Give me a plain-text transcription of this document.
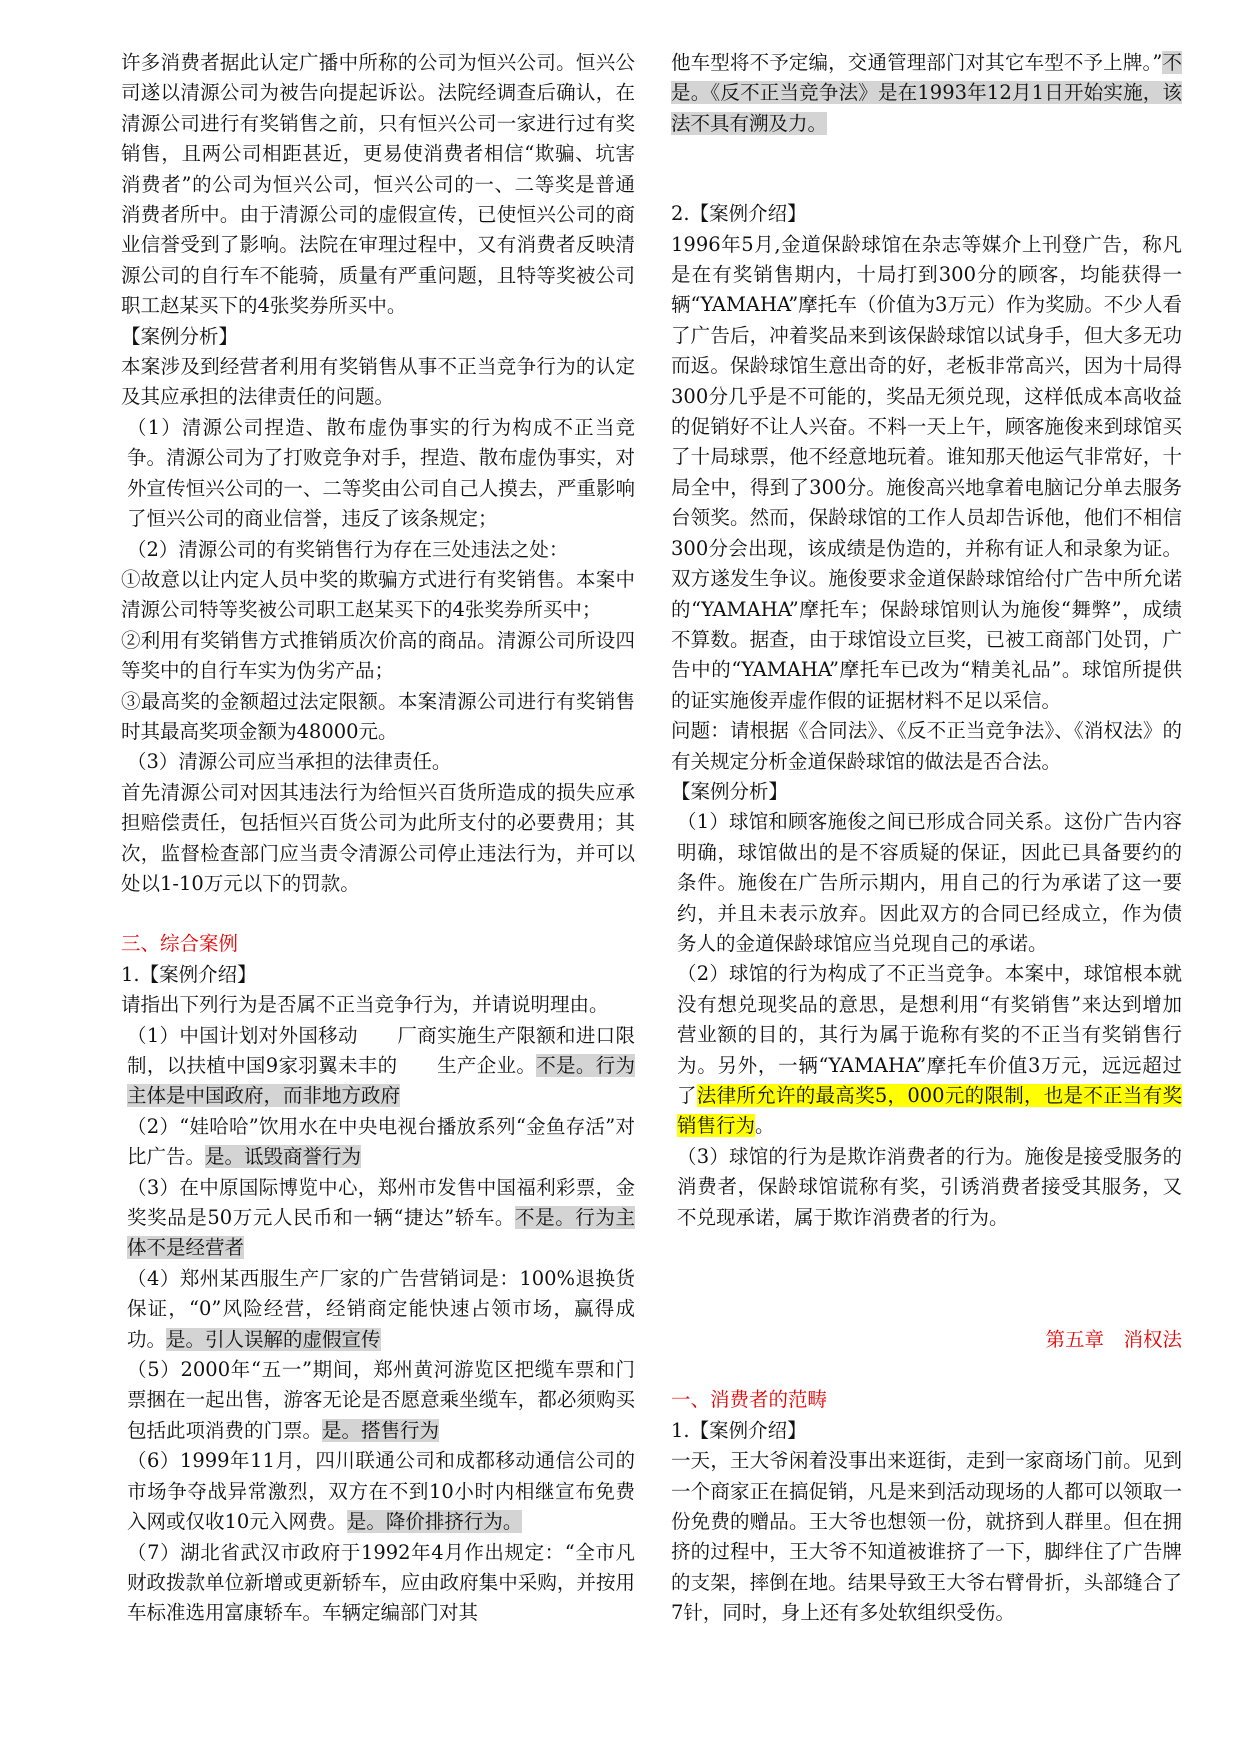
许多消费者据此认定广播中所称的公司为恒兴公司。恒兴公司遂以清源公司为被告向提起诉讼。法院经调查后确认，在清源公司进行有奖销售之前，只有恒兴公司一家进行过有奖销售，且两公司相距甚近，更易使消费者相信“欺骗、坑害消费者”的公司为恒兴公司，恒兴公司的一、二等奖是普通消费者所中。由于清源公司的虚假宣传，已使恒兴公司的商业信誉受到了影响。法院在审理过程中，又有消费者反映清源公司的自行车不能骑，质量有严重问题，且特等奖被公司职工赵某买下的4张奖券所买中。

【案例分析】

本案涉及到经营者利用有奖销售从事不正当竞争行为的认定及其应承担的法律责任的问题。

（1）清源公司捏造、散布虚伪事实的行为构成不正当竞争。清源公司为了打败竞争对手，捏造、散布虚伪事实，对外宣传恒兴公司的一、二等奖由公司自己人摸去，严重影响了恒兴公司的商业信誉，违反了该条规定；

（2）清源公司的有奖销售行为存在三处违法之处：

①故意以让内定人员中奖的欺骗方式进行有奖销售。本案中清源公司特等奖被公司职工赵某买下的4张奖券所买中；

②利用有奖销售方式推销质次价高的商品。清源公司所设四等奖中的自行车实为伪劣产品；

③最高奖的金额超过法定限额。本案清源公司进行有奖销售时其最高奖项金额为48000元。

（3）清源公司应当承担的法律责任。

首先清源公司对因其违法行为给恒兴百货所造成的损失应承担赔偿责任，包括恒兴百货公司为此所支付的必要费用；其次，监督检查部门应当责令清源公司停止违法行为，并可以处以1-10万元以下的罚款。

三、综合案例

1.【案例介绍】

请指出下列行为是否属不正当竞争行为，并请说明理由。

（1）中国计划对外国移动　　厂商实施生产限额和进口限制，以扶植中国9家羽翼未丰的　　生产企业。不是。行为主体是中国政府，而非地方政府

（2）“娃哈哈”饮用水在中央电视台播放系列“金鱼存活”对比广告。是。诋毁商誉行为

（3）在中原国际博览中心，郑州市发售中国福利彩票，金奖奖品是50万元人民币和一辆“捷达”轿车。不是。行为主体不是经营者

（4）郑州某西服生产厂家的广告营销词是：100%退换货保证，“0”风险经营，经销商定能快速占领市场，赢得成功。是。引人误解的虚假宣传

（5）2000年“五一”期间，郑州黄河游览区把缆车票和门票捆在一起出售，游客无论是否愿意乘坐缆车，都必须购买包括此项消费的门票。是。搭售行为

（6）1999年11月，四川联通公司和成都移动通信公司的市场争夺战异常激烈，双方在不到10小时内相继宣布免费入网或仅收10元入网费。是。降价排挤行为。

（7）湖北省武汉市政府于1992年4月作出规定：“全市凡财政拨款单位新增或更新轿车，应由政府集中采购，并按用车标准选用富康轿车。车辆定编部门对其

他车型将不予定编，交通管理部门对其它车型不予上牌。”不是。《反不正当竞争法》是在1993年12月1日开始实施，该法不具有溯及力。

2.【案例介绍】

1996年5月,金道保龄球馆在杂志等媒介上刊登广告，称凡是在有奖销售期内，十局打到300分的顾客，均能获得一辆“YAMAHA”摩托车（价值为3万元）作为奖励。不少人看了广告后，冲着奖品来到该保龄球馆以试身手，但大多无功而返。保龄球馆生意出奇的好，老板非常高兴，因为十局得300分几乎是不可能的，奖品无须兑现，这样低成本高收益的促销好不让人兴奋。不料一天上午，顾客施俊来到球馆买了十局球票，他不经意地玩着。谁知那天他运气非常好，十局全中，得到了300分。施俊高兴地拿着电脑记分单去服务台领奖。然而，保龄球馆的工作人员却告诉他，他们不相信300分会出现，该成绩是伪造的，并称有证人和录象为证。双方遂发生争议。施俊要求金道保龄球馆给付广告中所允诺的“YAMAHA”摩托车；保龄球馆则认为施俊“舞弊”，成绩不算数。据查，由于球馆设立巨奖，已被工商部门处罚，广告中的“YAMAHA”摩托车已改为“精美礼品”。球馆所提供的证实施俊弄虚作假的证据材料不足以采信。

问题：请根据《合同法》、《反不正当竞争法》、《消权法》的有关规定分析金道保龄球馆的做法是否合法。

【案例分析】

（1）球馆和顾客施俊之间已形成合同关系。这份广告内容明确，球馆做出的是不容质疑的保证，因此已具备要约的条件。施俊在广告所示期内，用自己的行为承诺了这一要约，并且未表示放弃。因此双方的合同已经成立，作为债务人的金道保龄球馆应当兑现自己的承诺。

（2）球馆的行为构成了不正当竞争。本案中，球馆根本就没有想兑现奖品的意思，是想利用“有奖销售”来达到增加营业额的目的，其行为属于诡称有奖的不正当有奖销售行为。另外，一辆“YAMAHA”摩托车价值3万元，远远超过了法律所允许的最高奖5，000元的限制，也是不正当有奖销售行为。

（3）球馆的行为是欺诈消费者的行为。施俊是接受服务的消费者，保龄球馆谎称有奖，引诱消费者接受其服务，又不兑现承诺，属于欺诈消费者的行为。

第五章　消权法

一、消费者的范畴

1.【案例介绍】

一天，王大爷闲着没事出来逛街，走到一家商场门前。见到一个商家正在搞促销，凡是来到活动现场的人都可以领取一份免费的赠品。王大爷也想领一份，就挤到人群里。但在拥挤的过程中，王大爷不知道被谁挤了一下，脚绊住了广告牌的支架，摔倒在地。结果导致王大爷右臂骨折，头部缝合了7针，同时，身上还有多处软组织受伤。
